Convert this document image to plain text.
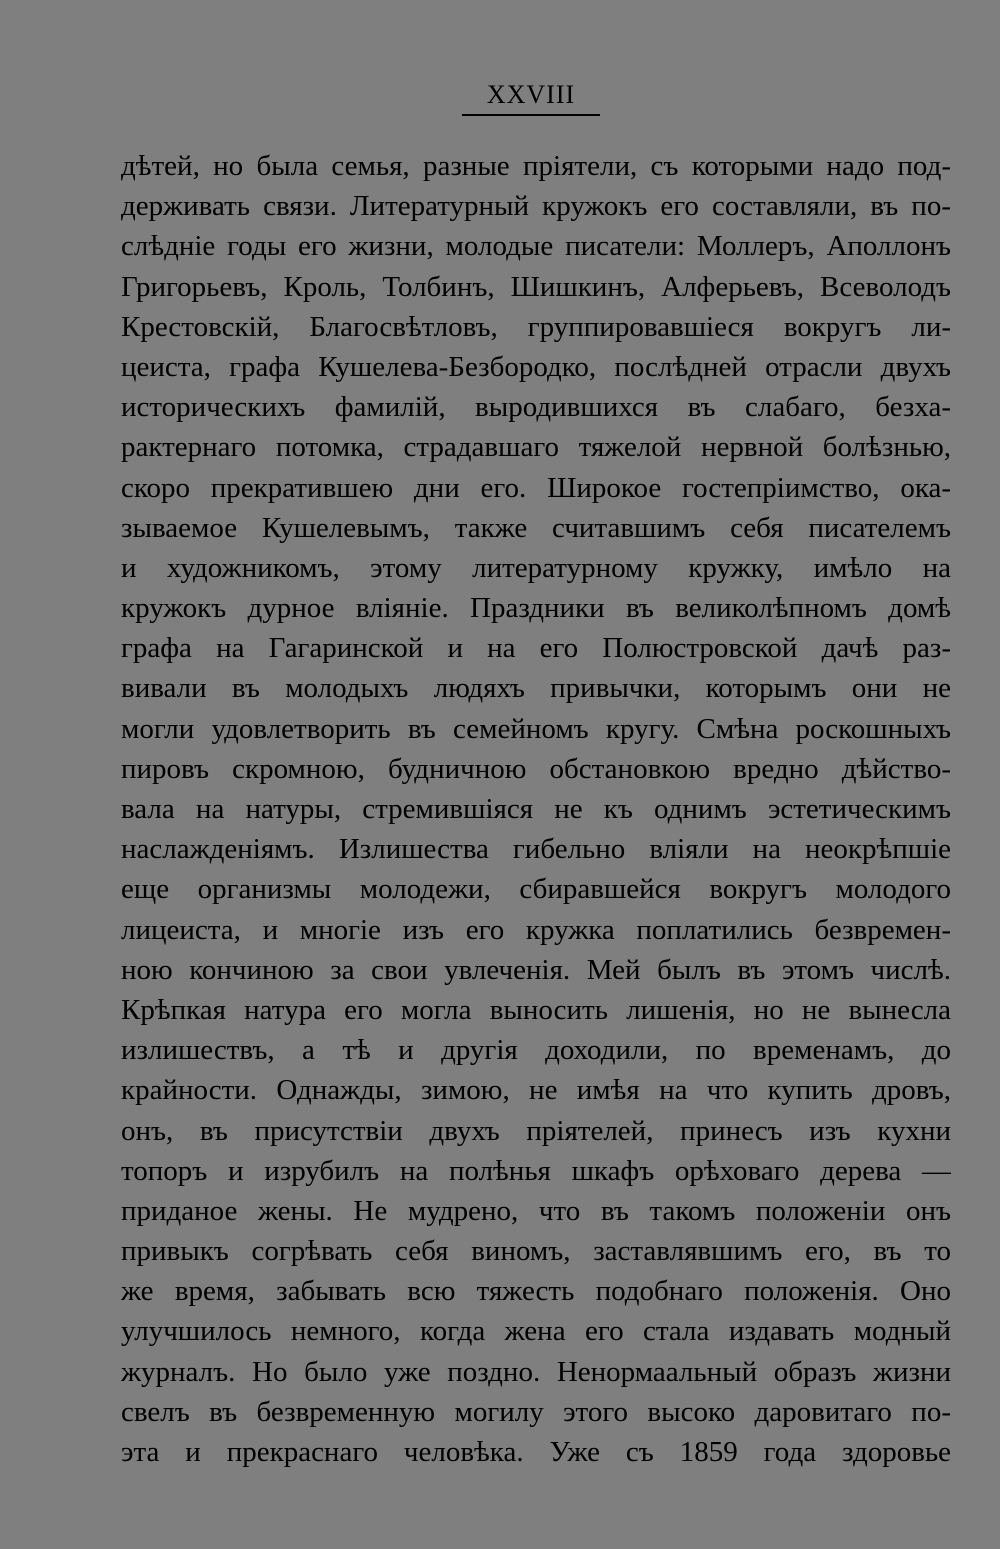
XXVIII
дѣтей, но была семья, разные пріятели, съ которыми надо под-
держивать связи. Литературный кружокъ его составляли, въ по-
слѣдніе годы его жизни, молодые писатели: Моллеръ, Аполлонъ
Григорьевъ, Кроль, Толбинъ, Шишкинъ, Алферьевъ, Всеволодъ
Крестовскій, Благосвѣтловъ, группировавшіеся вокругъ ли-
цеиста, графа Кушелева-Безбородко, послѣдней отрасли двухъ
историческихъ фамилій, выродившихся въ слабаго, безха-
рактернаго потомка, страдавшаго тяжелой нервной болѣзнью,
скоро прекратившею дни его. Широкое гостепріимство, ока-
зываемое Кушелевымъ, также считавшимъ себя писателемъ
и художникомъ, этому литературному кружку, имѣло на
кружокъ дурное вліяніе. Праздники въ великолѣпномъ домѣ
графа на Гагаринской и на его Полюстровской дачѣ раз-
вивали въ молодыхъ людяхъ привычки, которымъ они не
могли удовлетворить въ семейномъ кругу. Смѣна роскошныхъ
пировъ скромною, будничною обстановкою вредно дѣйство-
вала на натуры, стремившіяся не къ однимъ эстетическимъ
наслажденіямъ. Излишества гибельно вліяли на неокрѣпшіе
еще организмы молодежи, сбиравшейся вокругъ молодого
лицеиста, и многіе изъ его кружка поплатились безвремен-
ною кончиною за свои увлеченія. Мей былъ въ этомъ числѣ.
Крѣпкая натура его могла выносить лишенія, но не вынесла
излишествъ, а тѣ и другія доходили, по временамъ, до
крайности. Однажды, зимою, не имѣя на что купить дровъ,
онъ, въ присутствіи двухъ пріятелей, принесъ изъ кухни
топоръ и изрубилъ на полѣнья шкафъ орѣховаго дерева —
приданое жены. Не мудрено, что въ такомъ положеніи онъ
привыкъ согрѣвать себя виномъ, заставлявшимъ его, въ то
же время, забывать всю тяжесть подобнаго положенія. Оно
улучшилось немного, когда жена его стала издавать модный
журналъ. Но было уже поздно. Ненормаальный образъ жизни
свелъ въ безвременную могилу этого высоко даровитаго по-
эта и прекраснаго человѣка. Уже съ 1859 года здоровье
